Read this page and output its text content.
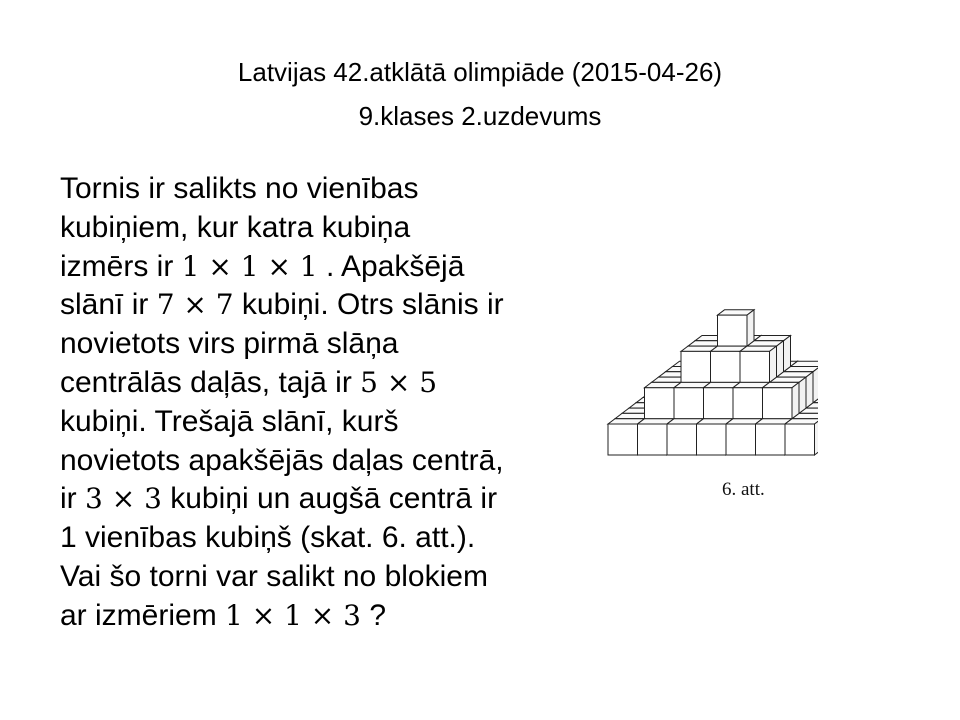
Latvijas 42.atklātā olimpiāde (2015-04-26)
9.klases 2.uzdevums
Tornis ir salikts no vienības
kubiņiem, kur katra kubiņa
izmērs ir 1 × 1 × 1 . Apakšējā
slānī ir 7 × 7 kubiņi. Otrs slānis ir
novietots virs pirmā slāņa
centrālās daļās, tajā ir 5 × 5
kubiņi. Trešajā slānī, kurš
novietots apakšējās daļas centrā,
ir 3 × 3 kubiņi un augšā centrā ir
1 vienības kubiņš (skat. 6. att.).
Vai šo torni var salikt no blokiem
ar izmēriem 1 × 1 × 3 ?
6. att.
